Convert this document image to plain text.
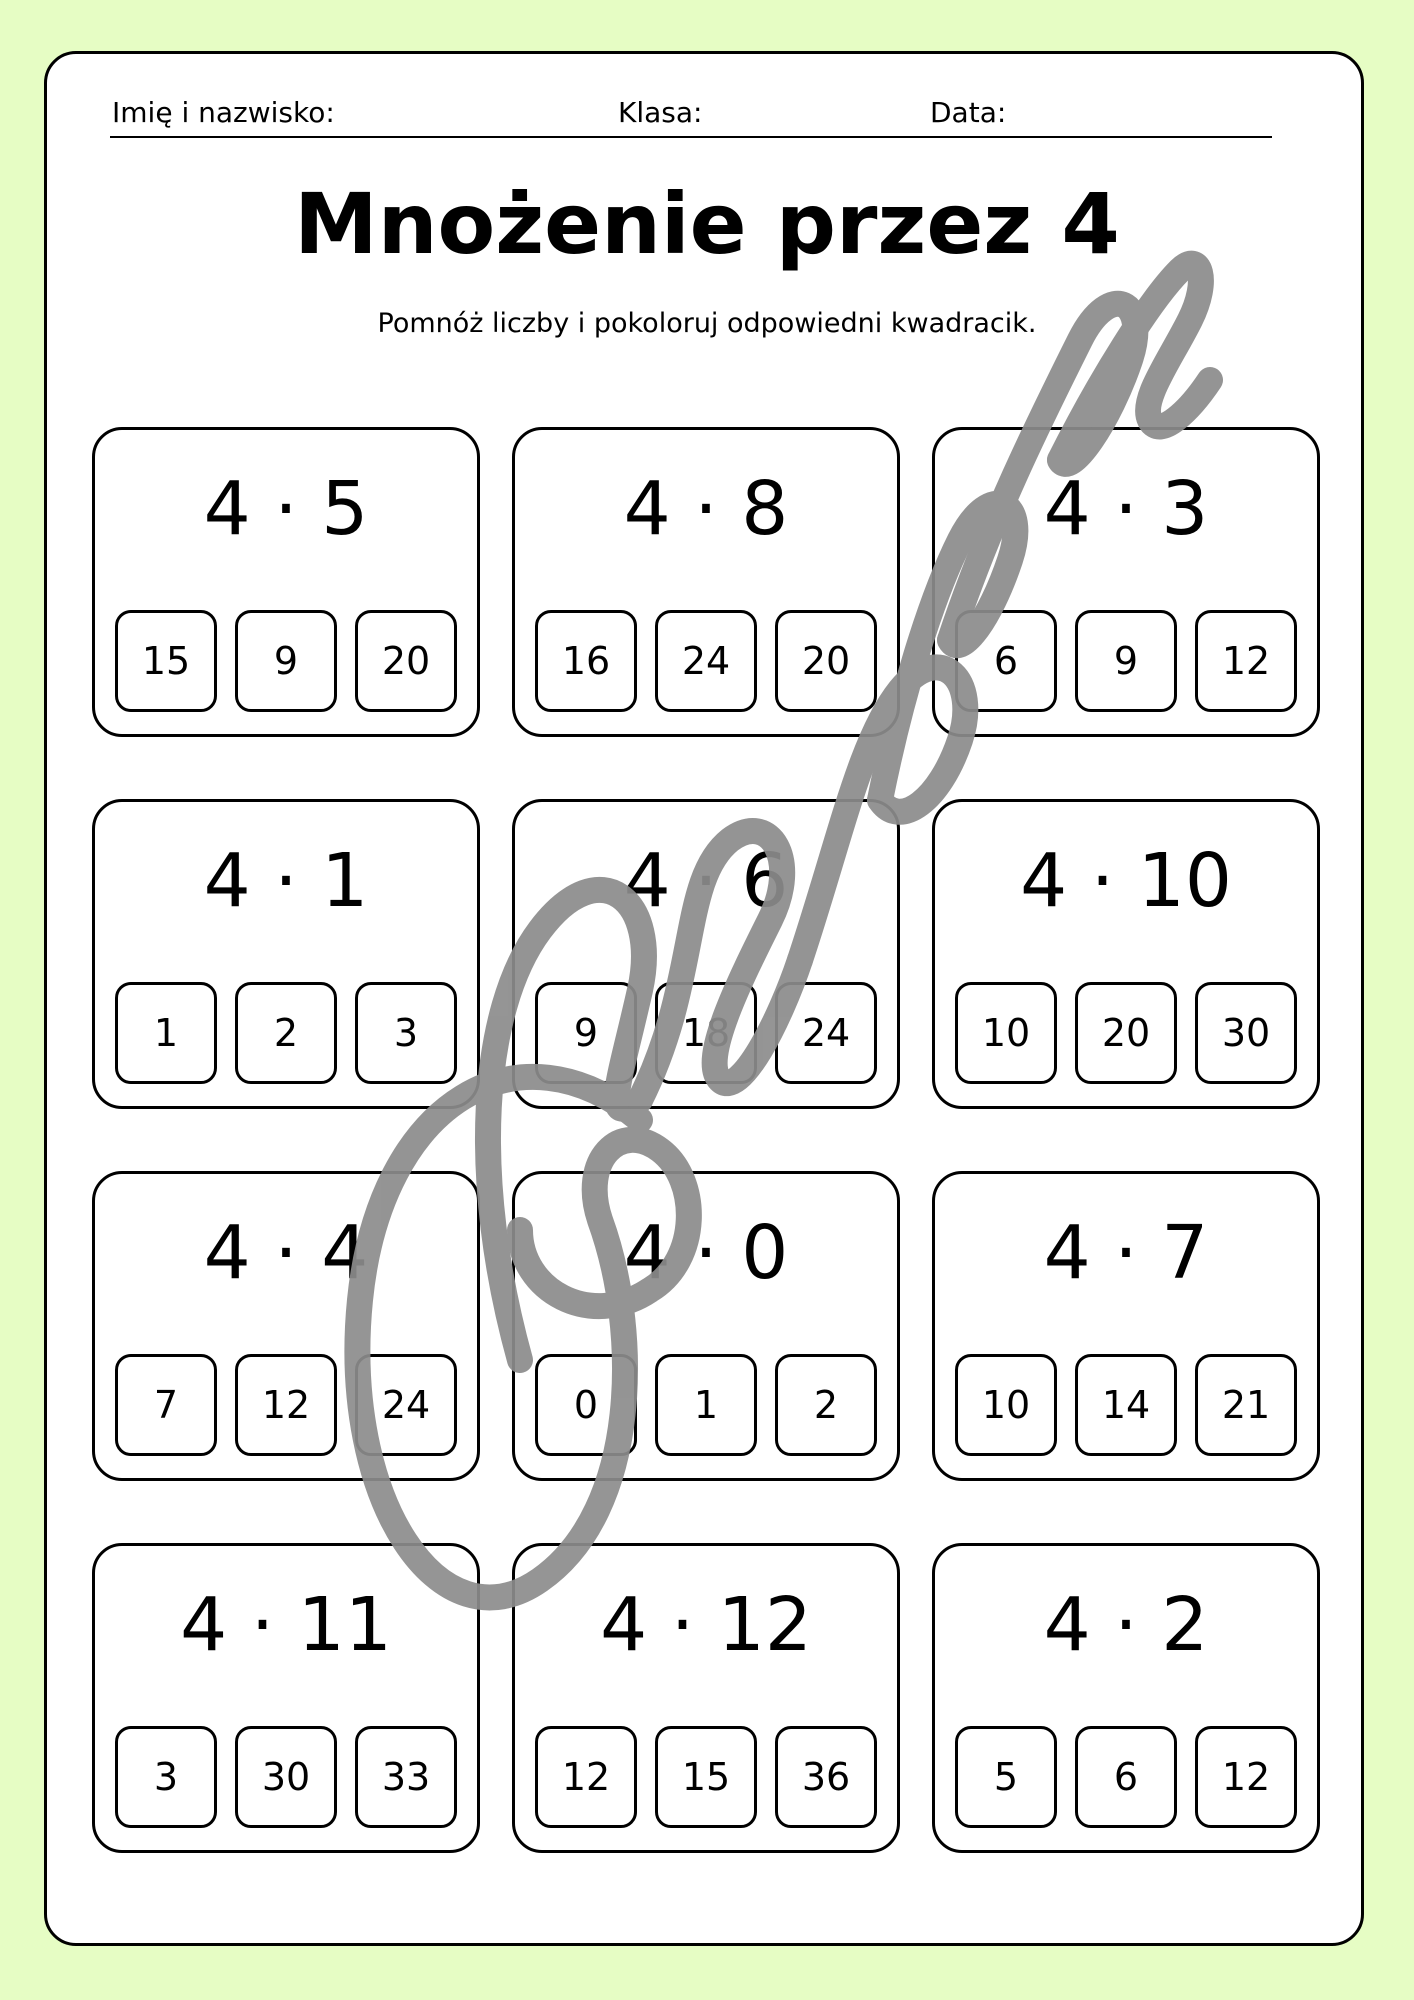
Imię i nazwisko:	Klasa:	Data:
Mnożenie przez 4
Pomnóż liczby i pokoloruj odpowiedni kwadracik.
4 · 5
15	9	20
4 · 8
16	24	20
4 · 3
6	9	12
4 · 1
1	2	3
4 · 6
9	18	24
4 · 10
10	20	30
4 · 4
7	12	24
4 · 0
0	1	2
4 · 7
10	14	21
4 · 11
3	30	33
4 · 12
12	15	36
4 · 2
5	6	12
